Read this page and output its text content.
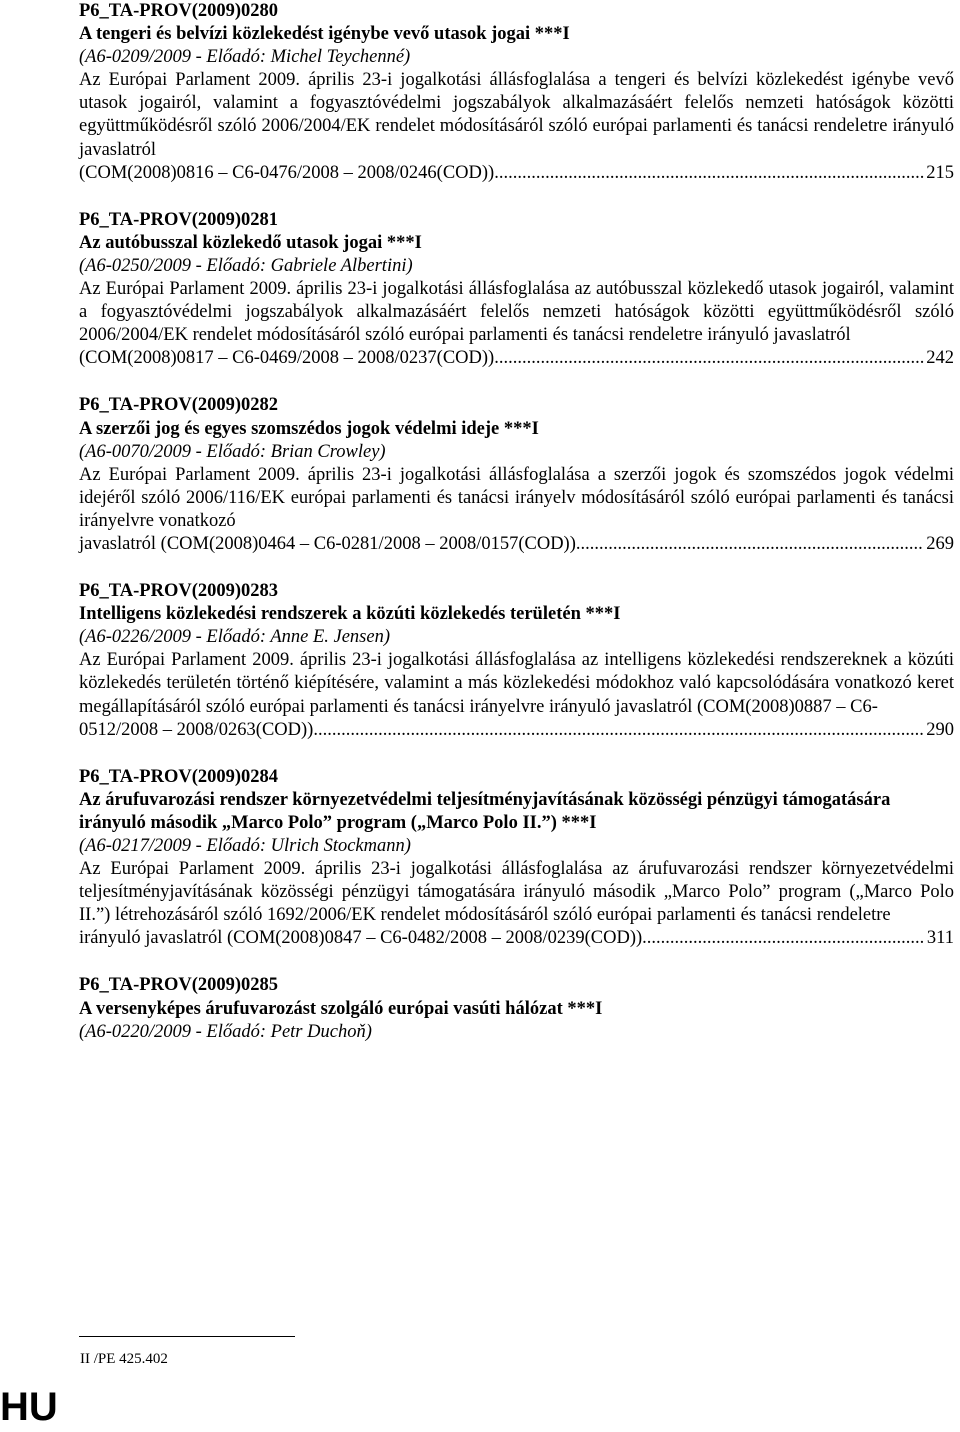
P6_TA-PROV(2009)0280
A tengeri és belvízi közlekedést igénybe vevő utasok jogai ***I
(A6-0209/2009 - Előadó: Michel Teychenné)
Az Európai Parlament 2009. április 23-i jogalkotási állásfoglalása a tengeri és belvízi közlekedést igénybe vevő utasok jogairól, valamint a fogyasztóvédelmi jogszabályok alkalmazásáért felelős nemzeti hatóságok közötti együttműködésről szóló 2006/2004/EK rendelet módosításáról szóló európai parlamenti és tanácsi rendeletre irányuló javaslatról
(COM(2008)0816 – C6-0476/2008 – 2008/0246(COD)) .....	215
P6_TA-PROV(2009)0281
Az autóbusszal közlekedő utasok jogai ***I
(A6-0250/2009 - Előadó: Gabriele Albertini)
Az Európai Parlament 2009. április 23-i jogalkotási állásfoglalása az autóbusszal közlekedő utasok jogairól, valamint a fogyasztóvédelmi jogszabályok alkalmazásáért felelős nemzeti hatóságok közötti együttműködésről szóló 2006/2004/EK rendelet módosításáról szóló európai parlamenti és tanácsi rendeletre irányuló javaslatról
(COM(2008)0817 – C6-0469/2008 – 2008/0237(COD)) .....	242
P6_TA-PROV(2009)0282
A szerzői jog és egyes szomszédos jogok védelmi ideje ***I
(A6-0070/2009 - Előadó: Brian Crowley)
Az Európai Parlament 2009. április 23-i jogalkotási állásfoglalása a szerzői jogok és szomszédos jogok védelmi idejéről szóló 2006/116/EK európai parlamenti és tanácsi irányelv módosításáról szóló európai parlamenti és tanácsi irányelvre vonatkozó
javaslatról (COM(2008)0464 – C6-0281/2008 – 2008/0157(COD)) .....	269
P6_TA-PROV(2009)0283
Intelligens közlekedési rendszerek a közúti közlekedés területén ***I
(A6-0226/2009 - Előadó: Anne E. Jensen)
Az Európai Parlament 2009. április 23-i jogalkotási állásfoglalása az intelligens közlekedési rendszereknek a közúti közlekedés területén történő kiépítésére, valamint a más közlekedési módokhoz való kapcsolódására vonatkozó keret megállapításáról szóló európai parlamenti és tanácsi irányelvre irányuló javaslatról (COM(2008)0887 – C6-
0512/2008 – 2008/0263(COD)) .....	290
P6_TA-PROV(2009)0284
Az árufuvarozási rendszer környezetvédelmi teljesítményjavításának közösségi pénzügyi támogatására irányuló második „Marco Polo” program („Marco Polo II.”) ***I
(A6-0217/2009 - Előadó: Ulrich Stockmann)
Az Európai Parlament 2009. április 23-i jogalkotási állásfoglalása az árufuvarozási rendszer környezetvédelmi teljesítményjavításának közösségi pénzügyi támogatására irányuló második „Marco Polo” program („Marco Polo II.”) létrehozásáról szóló 1692/2006/EK rendelet módosításáról szóló európai parlamenti és tanácsi rendeletre
irányuló javaslatról (COM(2008)0847 – C6-0482/2008 – 2008/0239(COD)) .....	311
P6_TA-PROV(2009)0285
A versenyképes árufuvarozást szolgáló európai vasúti hálózat ***I
(A6-0220/2009 - Előadó: Petr Duchoň)
II /PE 425.402
HU
